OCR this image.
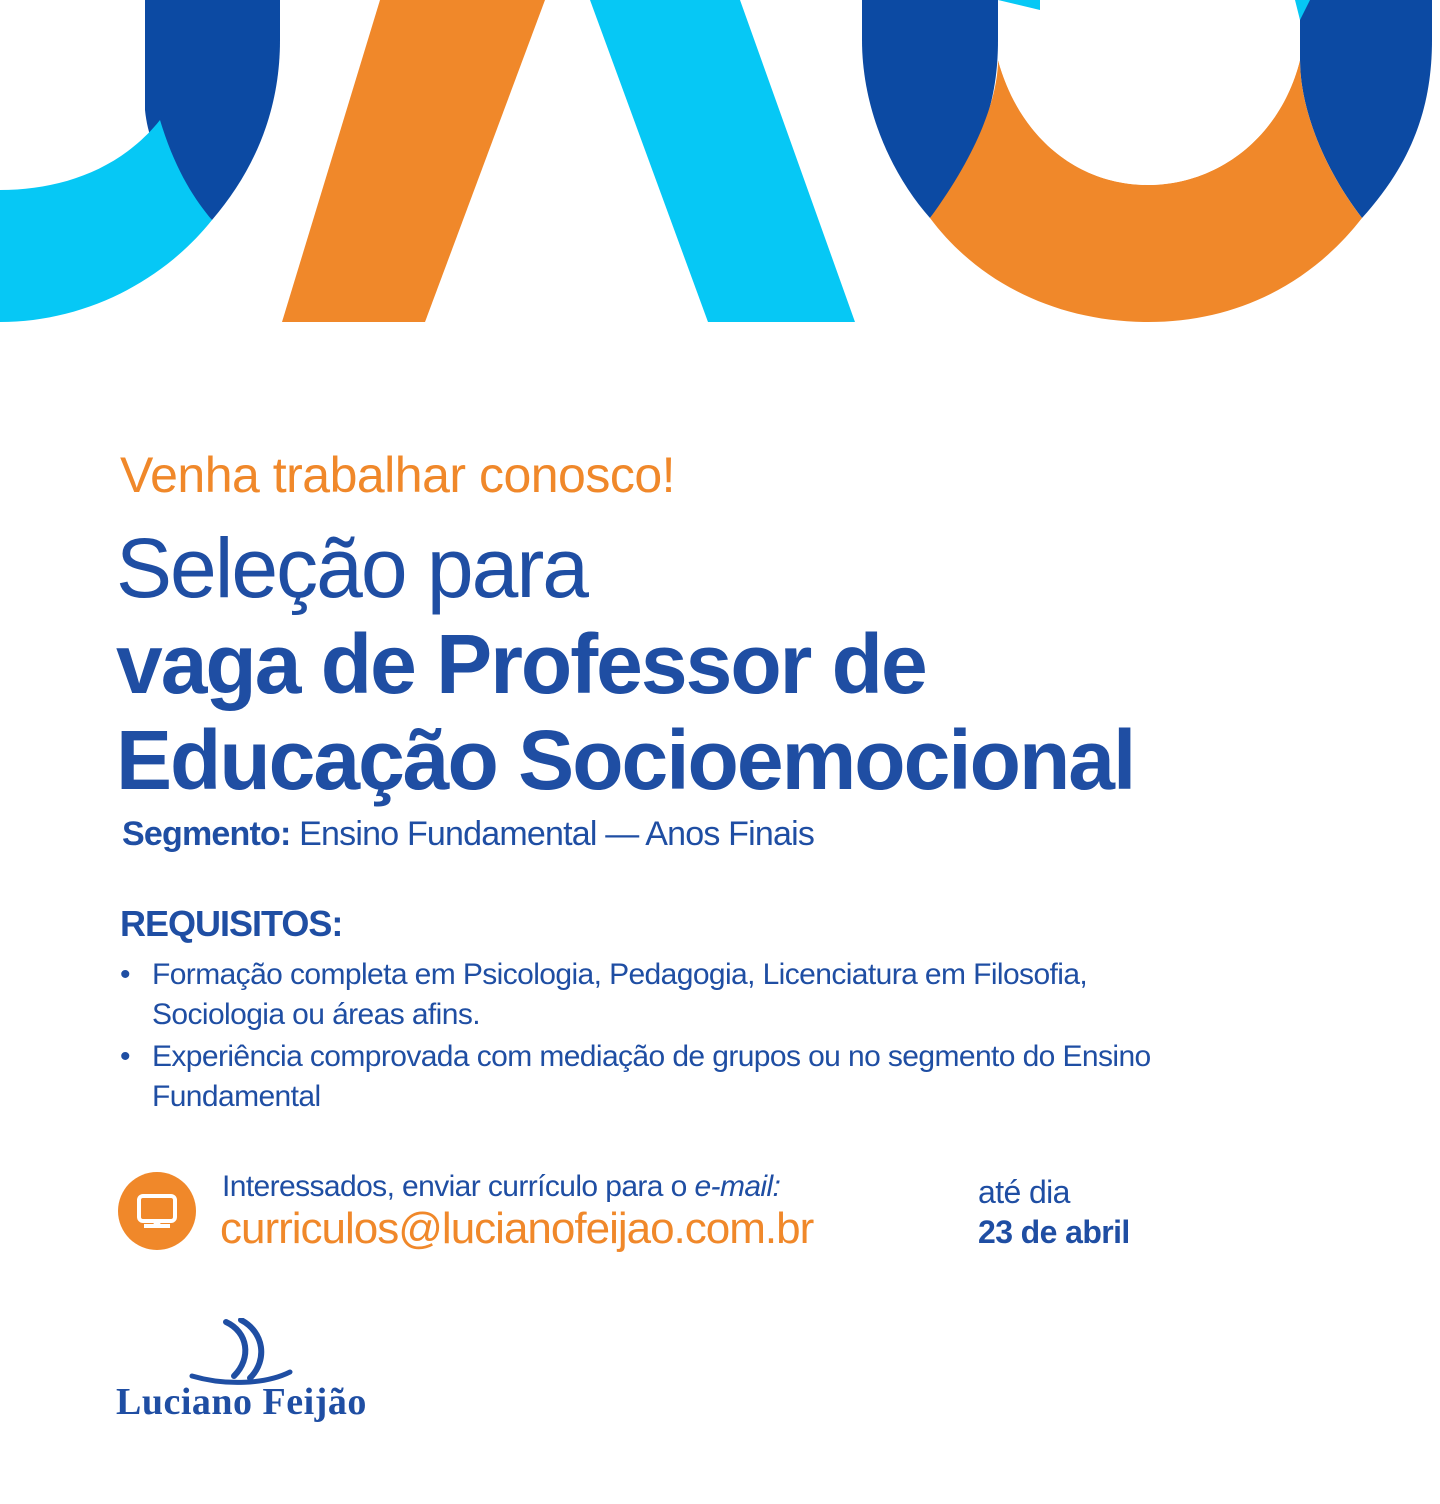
Venha trabalhar conosco!
Seleção para
vaga de Professor de
Educação Socioemocional
Segmento: Ensino Fundamental — Anos Finais
REQUISITOS:
• Formação completa em Psicologia, Pedagogia, Licenciatura em Filosofia, Sociologia ou áreas afins.
• Experiência comprovada com mediação de grupos ou no segmento do Ensino Fundamental
Interessados, enviar currículo para o e-mail:
curriculos@lucianofeijao.com.br
até dia
23 de abril
Luciano Feijão
